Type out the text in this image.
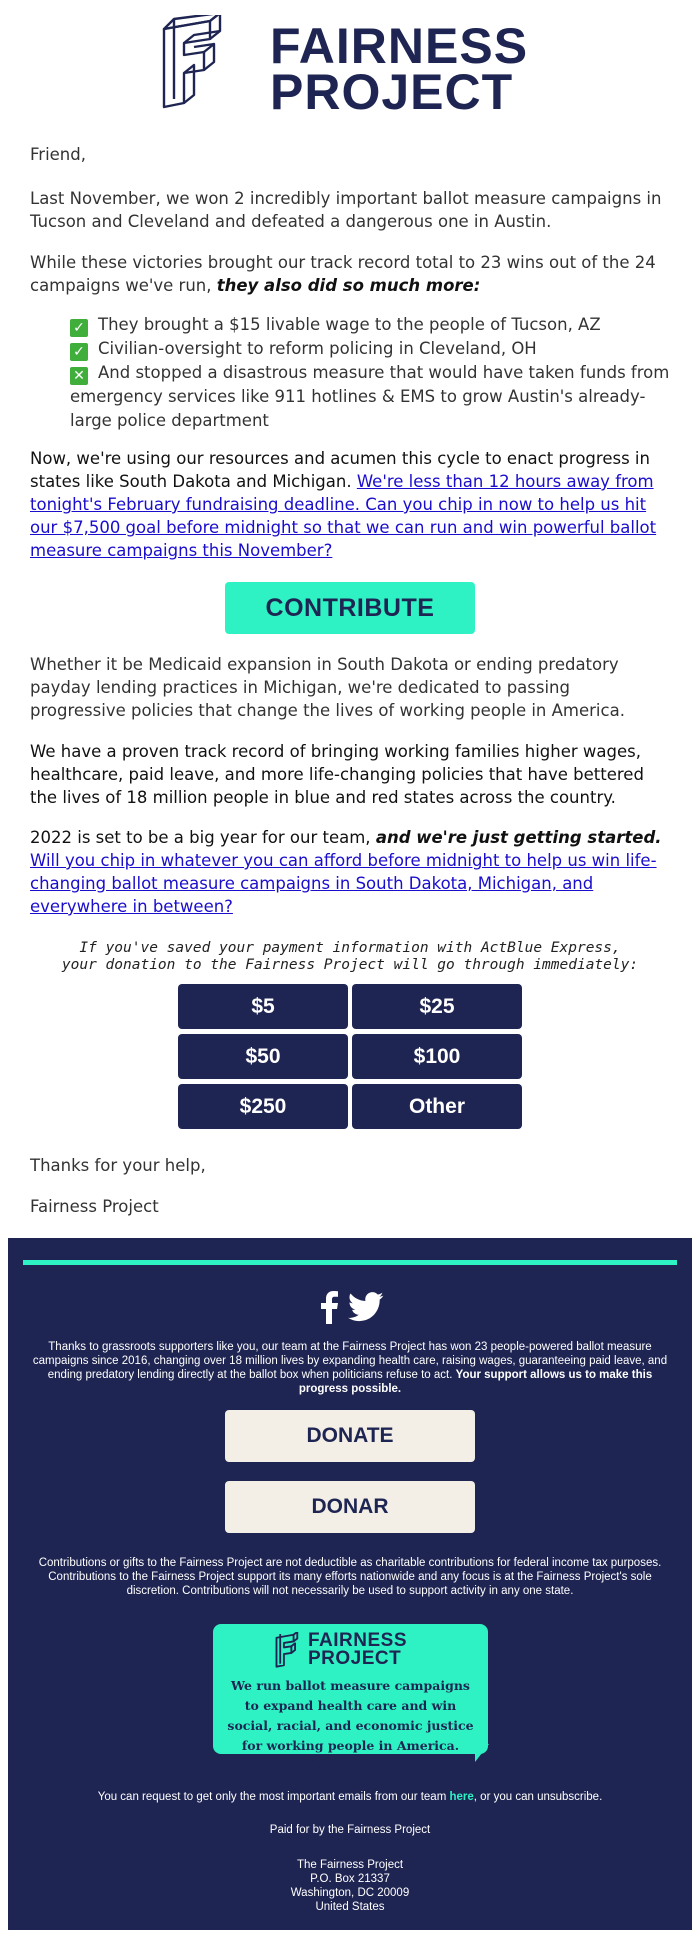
FAIRNESS
PROJECT
Friend,
Last November, we won 2 incredibly important ballot measure campaigns in Tucson and Cleveland and defeated a dangerous one in Austin.
While these victories brought our track record total to 23 wins out of the 24 campaigns we've run, they also did so much more:
✓ They brought a $15 livable wage to the people of Tucson, AZ
✓ Civilian-oversight to reform policing in Cleveland, OH
✕ And stopped a disastrous measure that would have taken funds from emergency services like 911 hotlines & EMS to grow Austin's already-large police department
Now, we're using our resources and acumen this cycle to enact progress in states like South Dakota and Michigan. We're less than 12 hours away from tonight's February fundraising deadline. Can you chip in now to help us hit our $7,500 goal before midnight so that we can run and win powerful ballot measure campaigns this November?
CONTRIBUTE
Whether it be Medicaid expansion in South Dakota or ending predatory payday lending practices in Michigan, we're dedicated to passing progressive policies that change the lives of working people in America.
We have a proven track record of bringing working families higher wages, healthcare, paid leave, and more life-changing policies that have bettered the lives of 18 million people in blue and red states across the country.
2022 is set to be a big year for our team, and we're just getting started. Will you chip in whatever you can afford before midnight to help us win life-changing ballot measure campaigns in South Dakota, Michigan, and everywhere in between?
If you've saved your payment information with ActBlue Express,
your donation to the Fairness Project will go through immediately:
$5	$25
$50	$100
$250	Other
Thanks for your help,
Fairness Project
Thanks to grassroots supporters like you, our team at the Fairness Project has won 23 people-powered ballot measure campaigns since 2016, changing over 18 million lives by expanding health care, raising wages, guaranteeing paid leave, and ending predatory lending directly at the ballot box when politicians refuse to act. Your support allows us to make this progress possible.
DONATE
DONAR
Contributions or gifts to the Fairness Project are not deductible as charitable contributions for federal income tax purposes. Contributions to the Fairness Project support its many efforts nationwide and any focus is at the Fairness Project's sole discretion. Contributions will not necessarily be used to support activity in any one state.
FAIRNESS
PROJECT
We run ballot measure campaigns to expand health care and win social, racial, and economic justice for working people in America. Learn more.
You can request to get only the most important emails from our team here, or you can unsubscribe.
Paid for by the Fairness Project
The Fairness Project
P.O. Box 21337
Washington, DC 20009
United States
